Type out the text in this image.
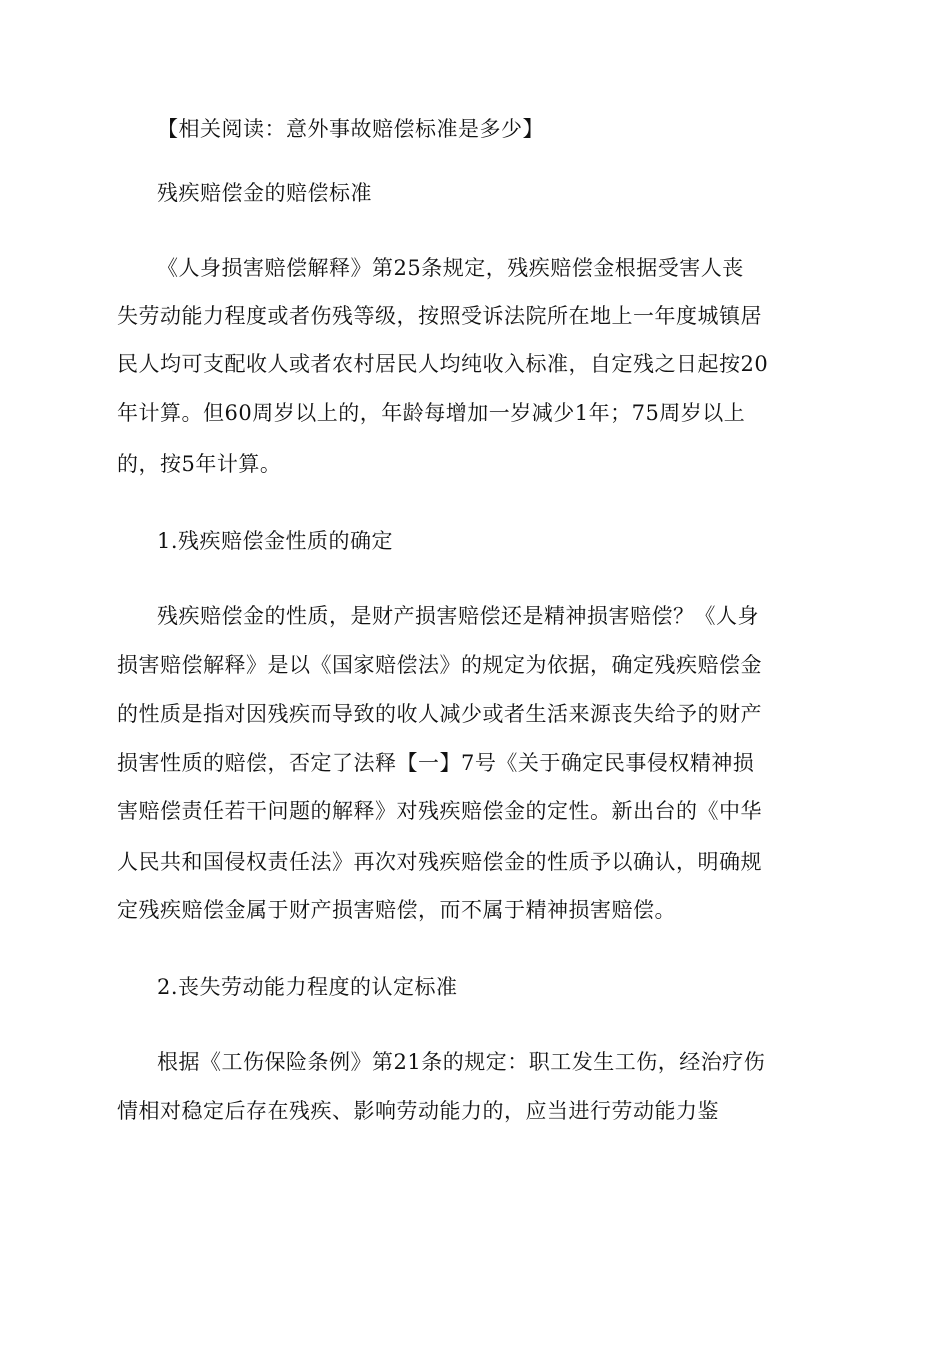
【相关阅读：意外事故赔偿标准是多少】
残疾赔偿金的赔偿标准
《人身损害赔偿解释》第25条规定，残疾赔偿金根据受害人丧
失劳动能力程度或者伤残等级，按照受诉法院所在地上一年度城镇居
民人均可支配收人或者农村居民人均纯收入标准，自定残之日起按20
年计算。但60周岁以上的，年龄每增加一岁减少1年；75周岁以上
的，按5年计算。
1.残疾赔偿金性质的确定
残疾赔偿金的性质，是财产损害赔偿还是精神损害赔偿？《人身
损害赔偿解释》是以《国家赔偿法》的规定为依据，确定残疾赔偿金
的性质是指对因残疾而导致的收人减少或者生活来源丧失给予的财产
损害性质的赔偿，否定了法释【一】7号《关于确定民事侵权精神损
害赔偿责任若干问题的解释》对残疾赔偿金的定性。新出台的《中华
人民共和国侵权责任法》再次对残疾赔偿金的性质予以确认，明确规
定残疾赔偿金属于财产损害赔偿，而不属于精神损害赔偿。
2.丧失劳动能力程度的认定标准
根据《工伤保险条例》第21条的规定：职工发生工伤，经治疗伤
情相对稳定后存在残疾、影响劳动能力的，应当进行劳动能力鉴
